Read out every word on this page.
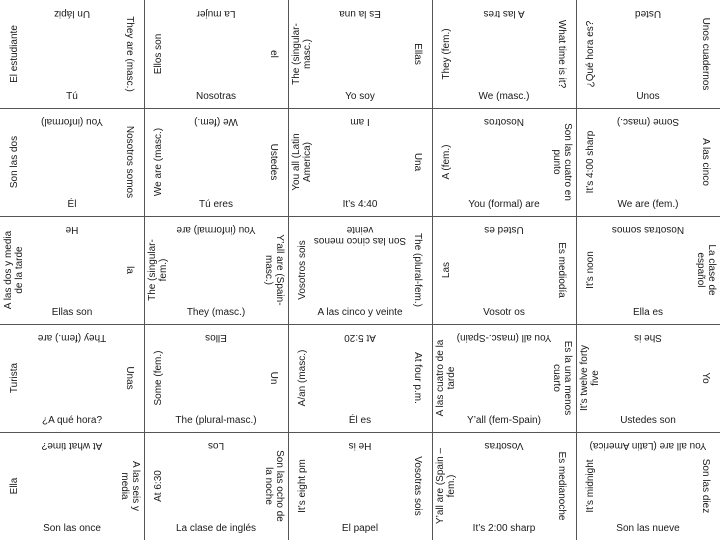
Un lápiz
They are (masc.)
Tú
El estudiante
La mujer
el
Nosotras
Ellos son
Es la una
Ellas
Yo soy
The (singular-masc.)
A las tres
What time is it?
We (masc.)
They (fem.)
Usted
Unos cuadernos
Unos
¿Qué hora es?
You (informal)
Nosotros somos
Él
Son las dos
We (fem.)
Ustedes
Tú eres
We are (masc.)
I am
Una
It’s 4:40
You all (Latin America)
Nosotros
Son las cuatro en punto
You (formal) are
A (fem.)
Some (masc.)
A las cinco
We are (fem.)
It’s 4:00 sharp
He
la
Ellas son
A las dos y media de la tarde
You (informal) are
Y’all are (Spain-masc.)
They (masc.)
The (singular-fem.)
Son las cinco menos veinte
The (plural-fem.)
A las cinco y veinte
Vosotros sois
Usted es
Es mediodía
Vosotr os
Las
Nosotras somos
La clase de español
Ella es
It’s noon
They (fem.) are
Unas
¿A qué hora?
Turista
Ellos
Un
The (plural-masc.)
Some (fem.)
At 5:20
At four p.m.
Él es
A/an (masc.)
You all (masc.-Spain)
Es la una menos cuarto
Y’all (fem-Spain)
A las cuatro de la tarde
She is
Yo
Ustedes son
It’s twelve forty five
At what time?
A las seis y media
Son las once
Ella
Los
Son las ocho de la noche
La clase de inglés
At 6:30
He is
Vosotras sois
El papel
It’s eight pm
Vosotras
Es medianoche
It’s 2:00 sharp
Y’all are (Spain – fem.)
You all are (Latin America)
Son las diez
Son las nueve
It’s midnight
